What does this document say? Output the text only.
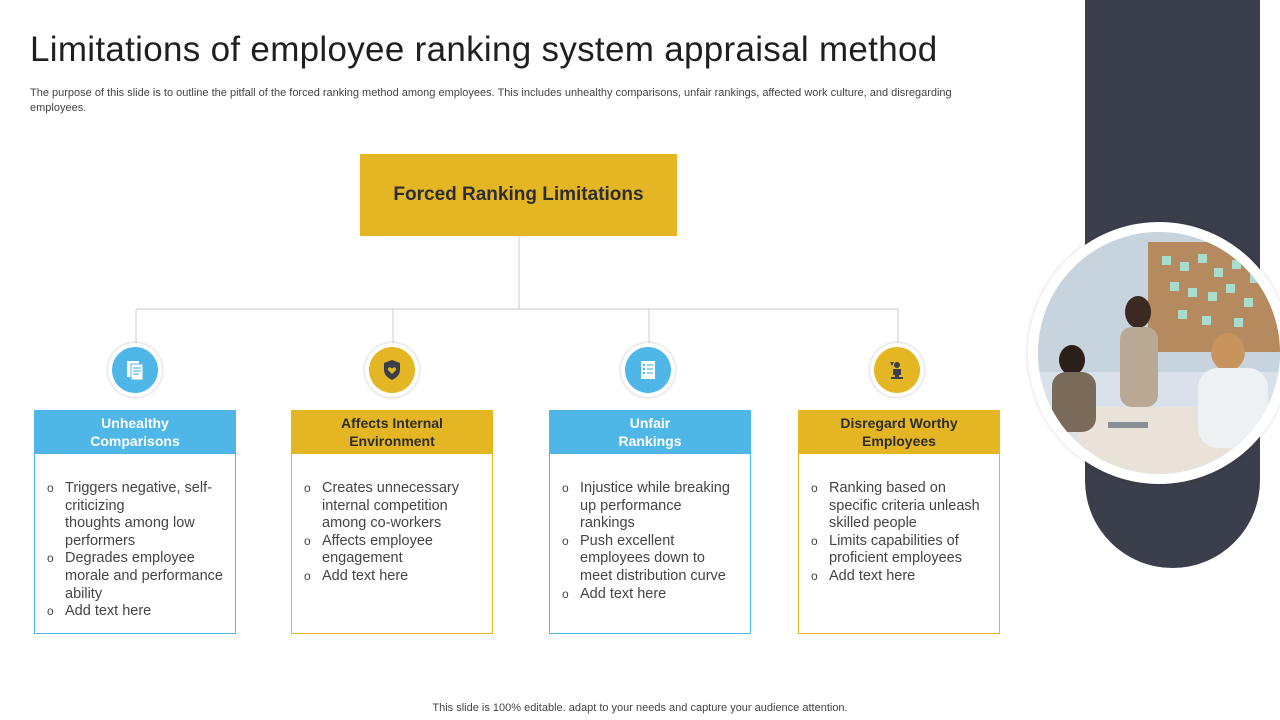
Limitations of employee ranking system appraisal method
The purpose of this slide is to outline the pitfall of the forced ranking method among employees. This includes unhealthy comparisons, unfair rankings, affected work culture, and disregarding employees.
Forced Ranking Limitations
Unhealthy
Comparisons
o Triggers negative, self-
criticizing
thoughts among low
performers
o Degrades employee
morale and performance
ability
o Add text here
Affects Internal
Environment
o Creates unnecessary
internal competition
among co-workers
o Affects employee
engagement
o Add text here
Unfair
Rankings
o Injustice while breaking
up performance
rankings
o Push excellent
employees down to
meet distribution curve
o Add text here
Disregard Worthy
Employees
o Ranking based on
specific criteria unleash
skilled people
o Limits capabilities of
proficient employees
o Add text here
This slide is 100% editable. adapt to your needs and capture your audience attention.
